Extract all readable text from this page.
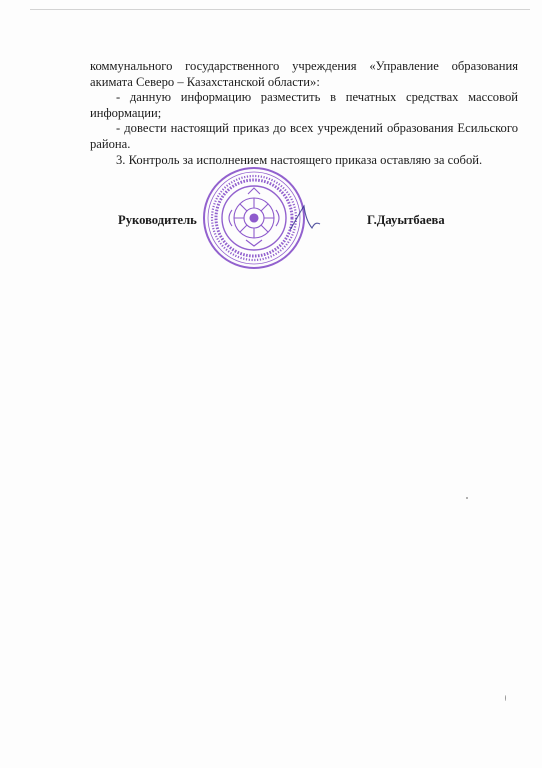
коммунального государственного учреждения «Управление образования акимата Северо – Казахстанской области»:

- данную информацию разместить в печатных средствах массовой информации;

- довести настоящий приказ до всех учреждений образования Есильского района.

3. Контроль за исполнением настоящего приказа оставляю за собой.

Руководитель	Г.Дауытбаева
